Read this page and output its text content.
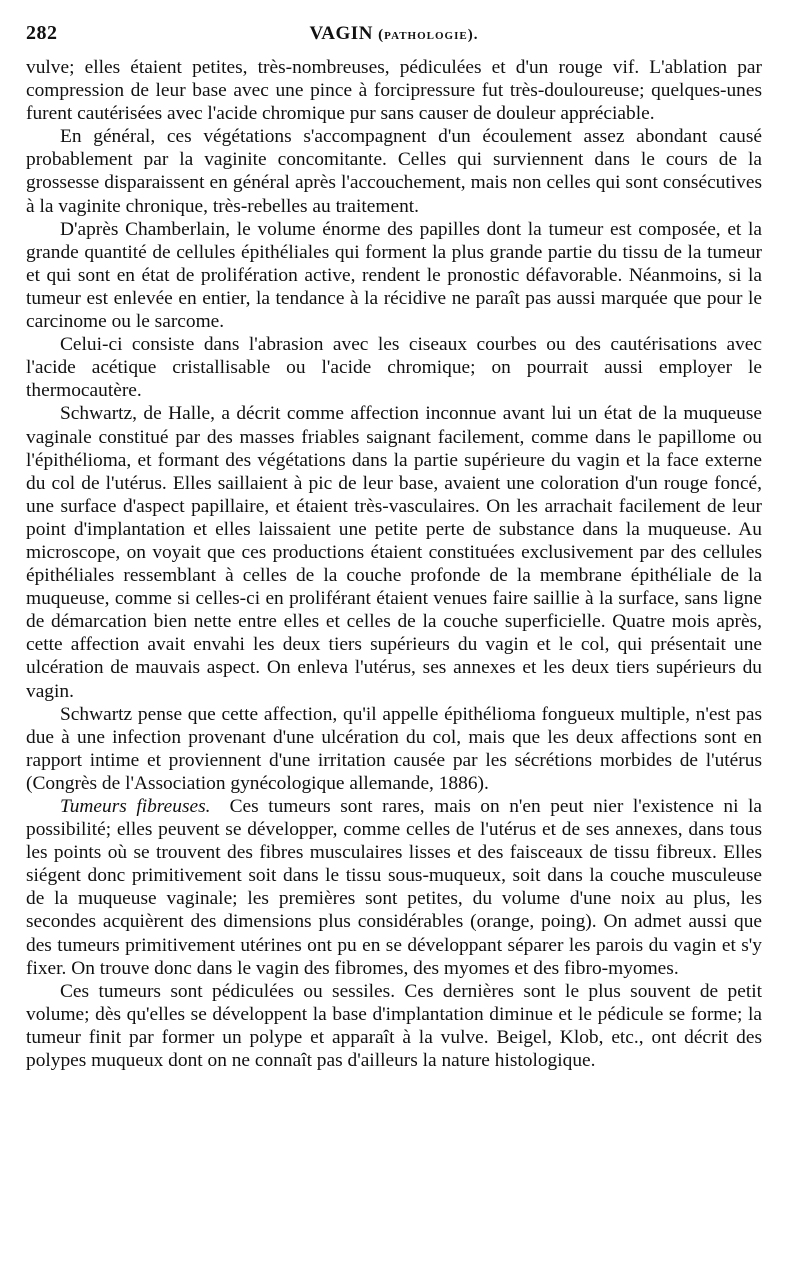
282	VAGIN (pathologie).

vulve; elles étaient petites, très-nombreuses, pédiculées et d'un rouge vif. L'ablation par compression de leur base avec une pince à forcipressure fut très-douloureuse; quelques-unes furent cautérisées avec l'acide chromique pur sans causer de douleur appréciable.

En général, ces végétations s'accompagnent d'un écoulement assez abondant causé probablement par la vaginite concomitante. Celles qui surviennent dans le cours de la grossesse disparaissent en général après l'accouchement, mais non celles qui sont consécutives à la vaginite chronique, très-rebelles au traitement.

D'après Chamberlain, le volume énorme des papilles dont la tumeur est composée, et la grande quantité de cellules épithéliales qui forment la plus grande partie du tissu de la tumeur et qui sont en état de prolifération active, rendent le pronostic défavorable. Néanmoins, si la tumeur est enlevée en entier, la tendance à la récidive ne paraît pas aussi marquée que pour le carcinome ou le sarcome.

Celui-ci consiste dans l'abrasion avec les ciseaux courbes ou des cautérisations avec l'acide acétique cristallisable ou l'acide chromique; on pourrait aussi employer le thermocautère.

Schwartz, de Halle, a décrit comme affection inconnue avant lui un état de la muqueuse vaginale constitué par des masses friables saignant facilement, comme dans le papillome ou l'épithélioma, et formant des végétations dans la partie supérieure du vagin et la face externe du col de l'utérus. Elles saillaient à pic de leur base, avaient une coloration d'un rouge foncé, une surface d'aspect papillaire, et étaient très-vasculaires. On les arrachait facilement de leur point d'implantation et elles laissaient une petite perte de substance dans la muqueuse. Au microscope, on voyait que ces productions étaient constituées exclusivement par des cellules épithéliales ressemblant à celles de la couche profonde de la membrane épithéliale de la muqueuse, comme si celles-ci en proliférant étaient venues faire saillie à la surface, sans ligne de démarcation bien nette entre elles et celles de la couche superficielle. Quatre mois après, cette affection avait envahi les deux tiers supérieurs du vagin et le col, qui présentait une ulcération de mauvais aspect. On enleva l'utérus, ses annexes et les deux tiers supérieurs du vagin.

Schwartz pense que cette affection, qu'il appelle épithélioma fongueux multiple, n'est pas due à une infection provenant d'une ulcération du col, mais que les deux affections sont en rapport intime et proviennent d'une irritation causée par les sécrétions morbides de l'utérus (Congrès de l'Association gynécologique allemande, 1886).

Tumeurs fibreuses. Ces tumeurs sont rares, mais on n'en peut nier l'existence ni la possibilité; elles peuvent se développer, comme celles de l'utérus et de ses annexes, dans tous les points où se trouvent des fibres musculaires lisses et des faisceaux de tissu fibreux. Elles siégent donc primitivement soit dans le tissu sous-muqueux, soit dans la couche musculeuse de la muqueuse vaginale; les premières sont petites, du volume d'une noix au plus, les secondes acquièrent des dimensions plus considérables (orange, poing). On admet aussi que des tumeurs primitivement utérines ont pu en se développant séparer les parois du vagin et s'y fixer. On trouve donc dans le vagin des fibromes, des myomes et des fibro-myomes.

Ces tumeurs sont pédiculées ou sessiles. Ces dernières sont le plus souvent de petit volume; dès qu'elles se développent la base d'implantation diminue et le pédicule se forme; la tumeur finit par former un polype et apparaît à la vulve. Beigel, Klob, etc., ont décrit des polypes muqueux dont on ne connaît pas d'ailleurs la nature histologique.
